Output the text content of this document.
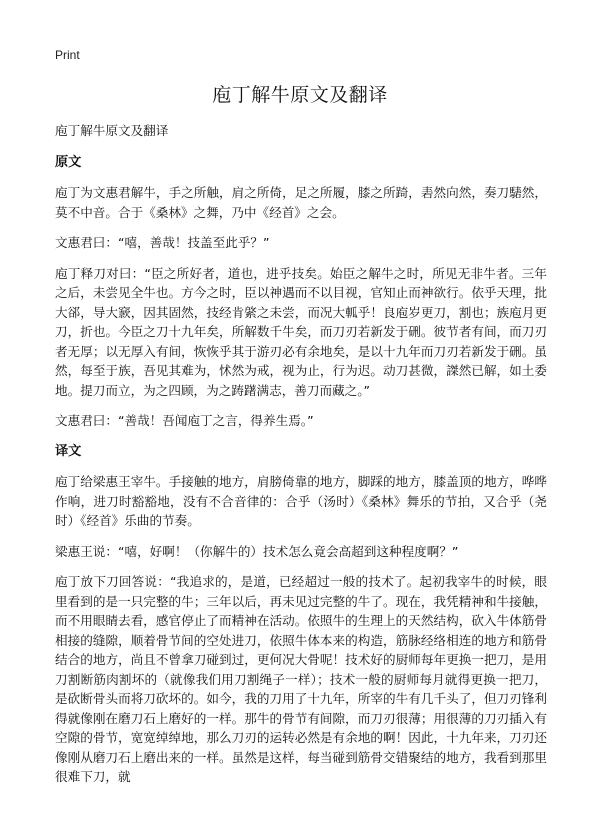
Print
庖丁解牛原文及翻译

庖丁解牛原文及翻译

原文

庖丁为文惠君解牛，手之所触，肩之所倚，足之所履，膝之所踦，砉然向然，奏刀騞然，莫不中音。合于《桑林》之舞，乃中《经首》之会。

文惠君曰：“嘻，善哉！技盖至此乎？”

庖丁释刀对曰：“臣之所好者，道也，进乎技矣。始臣之解牛之时，所见无非牛者。三年之后，未尝见全牛也。方今之时，臣以神遇而不以目视，官知止而神欲行。依乎天理，批大郤，导大窾，因其固然，技经肯綮之未尝，而况大軱乎！良庖岁更刀，割也；族庖月更刀，折也。今臣之刀十九年矣，所解数千牛矣，而刀刃若新发于硎。彼节者有间，而刀刃者无厚；以无厚入有间，恢恢乎其于游刃必有余地矣，是以十九年而刀刃若新发于硎。虽然，每至于族，吾见其难为，怵然为戒，视为止，行为迟。动刀甚微，謋然已解，如土委地。提刀而立，为之四顾，为之踌躇满志，善刀而藏之。”

文惠君曰：“善哉！吾闻庖丁之言，得养生焉。”

译文

庖丁给梁惠王宰牛。手接触的地方，肩膀倚靠的地方，脚踩的地方，膝盖顶的地方，哗哗作响，进刀时豁豁地，没有不合音律的：合乎（汤时）《桑林》舞乐的节拍，又合乎（尧时）《经首》乐曲的节奏。

梁惠王说：“嘻，好啊！（你解牛的）技术怎么竟会高超到这种程度啊？”

庖丁放下刀回答说：“我追求的，是道，已经超过一般的技术了。起初我宰牛的时候，眼里看到的是一只完整的牛；三年以后，再未见过完整的牛了。现在，我凭精神和牛接触，而不用眼睛去看，感官停止了而精神在活动。依照牛的生理上的天然结构，砍入牛体筋骨相接的缝隙，顺着骨节间的空处进刀，依照牛体本来的构造，筋脉经络相连的地方和筋骨结合的地方，尚且不曾拿刀碰到过，更何况大骨呢！技术好的厨师每年更换一把刀，是用刀割断筋肉割坏的（就像我们用刀割绳子一样）；技术一般的厨师每月就得更换一把刀，是砍断骨头而将刀砍坏的。如今，我的刀用了十九年，所宰的牛有几千头了，但刀刃锋利得就像刚在磨刀石上磨好的一样。那牛的骨节有间隙，而刀刃很薄；用很薄的刀刃插入有空隙的骨节，宽宽绰绰地，那么刀刃的运转必然是有余地的啊！因此，十九年来，刀刃还像刚从磨刀石上磨出来的一样。虽然是这样，每当碰到筋骨交错聚结的地方，我看到那里很难下刀，就
